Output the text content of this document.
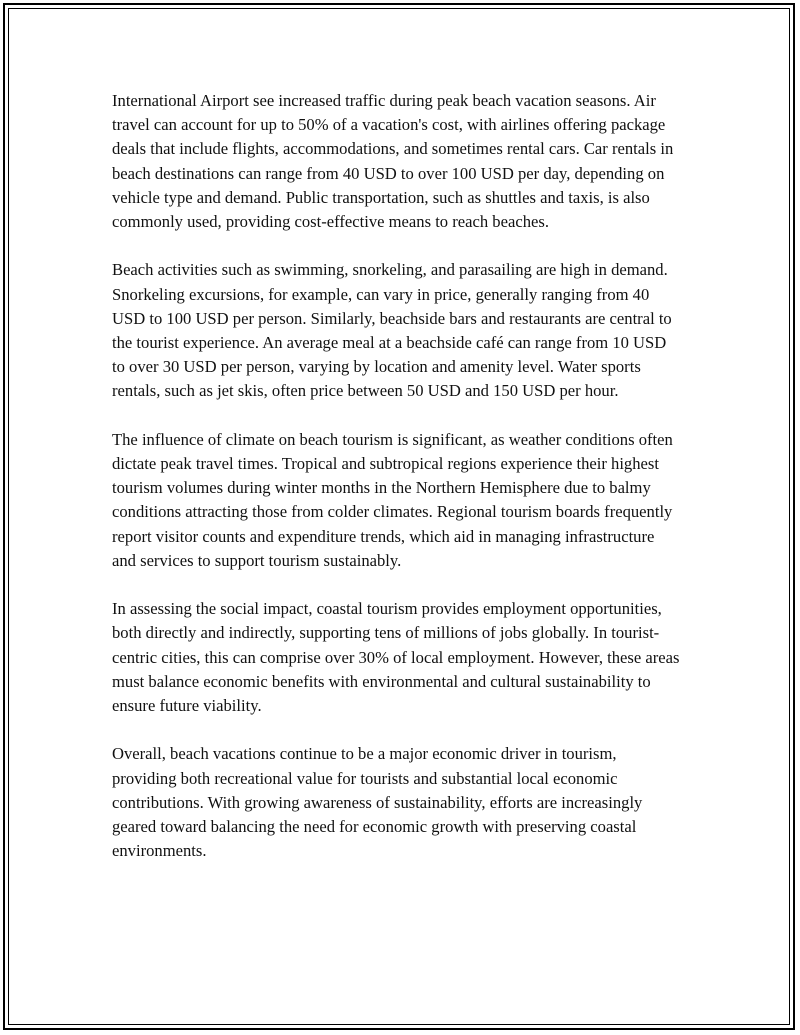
International Airport see increased traffic during peak beach vacation seasons. Air travel can account for up to 50% of a vacation's cost, with airlines offering package deals that include flights, accommodations, and sometimes rental cars. Car rentals in beach destinations can range from 40 USD to over 100 USD per day, depending on vehicle type and demand. Public transportation, such as shuttles and taxis, is also commonly used, providing cost-effective means to reach beaches.

Beach activities such as swimming, snorkeling, and parasailing are high in demand. Snorkeling excursions, for example, can vary in price, generally ranging from 40 USD to 100 USD per person. Similarly, beachside bars and restaurants are central to the tourist experience. An average meal at a beachside café can range from 10 USD to over 30 USD per person, varying by location and amenity level. Water sports rentals, such as jet skis, often price between 50 USD and 150 USD per hour.

The influence of climate on beach tourism is significant, as weather conditions often dictate peak travel times. Tropical and subtropical regions experience their highest tourism volumes during winter months in the Northern Hemisphere due to balmy conditions attracting those from colder climates. Regional tourism boards frequently report visitor counts and expenditure trends, which aid in managing infrastructure and services to support tourism sustainably.

In assessing the social impact, coastal tourism provides employment opportunities, both directly and indirectly, supporting tens of millions of jobs globally. In tourist-centric cities, this can comprise over 30% of local employment. However, these areas must balance economic benefits with environmental and cultural sustainability to ensure future viability.

Overall, beach vacations continue to be a major economic driver in tourism, providing both recreational value for tourists and substantial local economic contributions. With growing awareness of sustainability, efforts are increasingly geared toward balancing the need for economic growth with preserving coastal environments.
